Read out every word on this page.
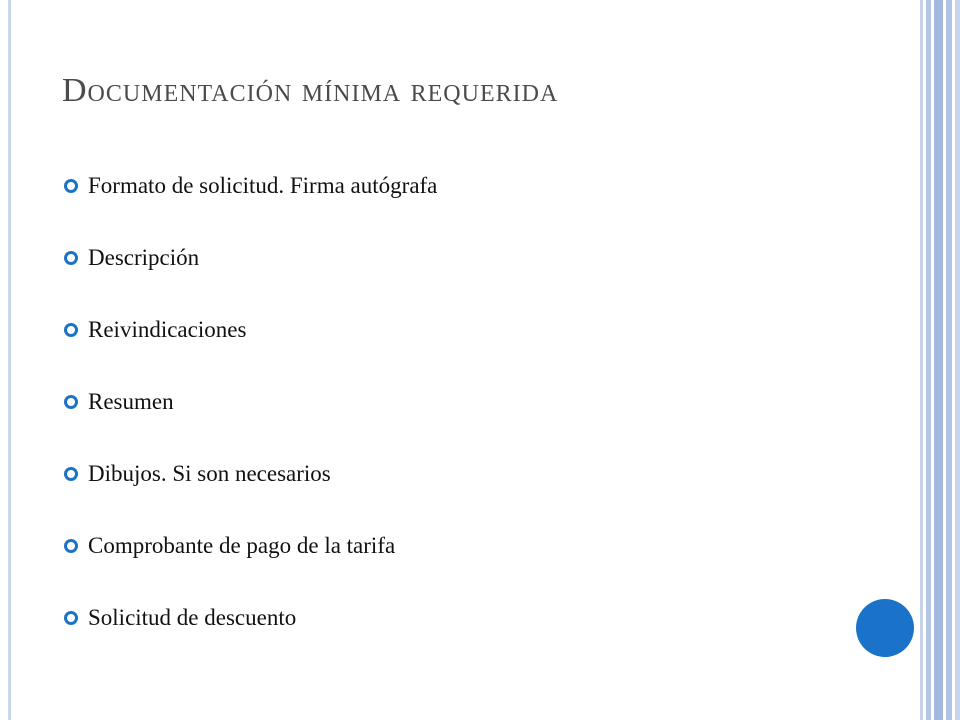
Documentación mínima requerida
Formato de solicitud. Firma autógrafa
Descripción
Reivindicaciones
Resumen
Dibujos. Si son necesarios
Comprobante de pago de la tarifa
Solicitud de descuento
